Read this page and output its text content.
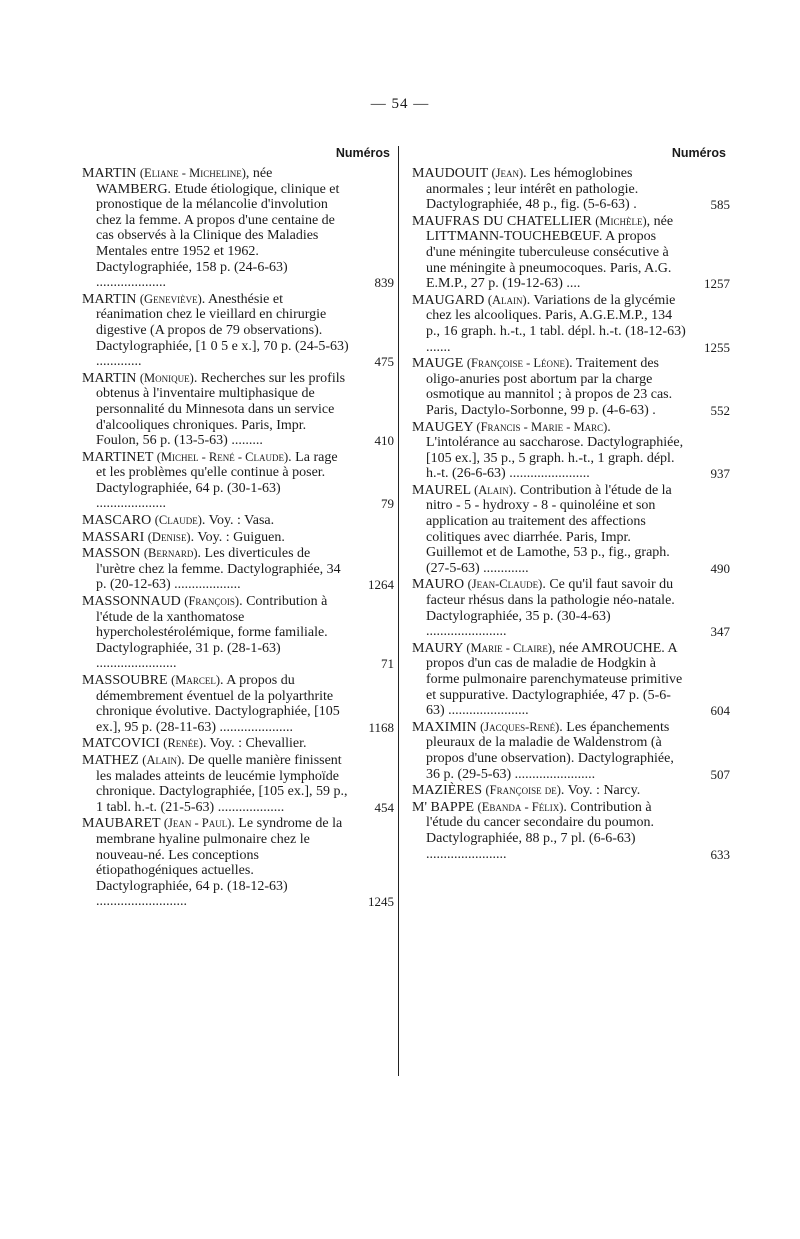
— 54 —
Numéros
MARTIN (Eliane - Micheline), née WAMBERG. Etude étiologique, clinique et pronostique de la mélancolie d'involution chez la femme. A propos d'une centaine de cas observés à la Clinique des Maladies Mentales entre 1952 et 1962. Dactylographiée, 158 p. (24-6-63) ....................	839
MARTIN (Geneviève). Anesthésie et réanimation chez le vieillard en chirurgie digestive (A propos de 79 observations). Dactylographiée, [1 0 5 e x.], 70 p. (24-5-63) .............	475
MARTIN (Monique). Recherches sur les profils obtenus à l'inventaire multiphasique de personnalité du Minnesota dans un service d'alcooliques chroniques. Paris, Impr. Foulon, 56 p. (13-5-63) .........	410
MARTINET (Michel - René - Claude). La rage et les problèmes qu'elle continue à poser. Dactylographiée, 64 p. (30-1-63) ....................	79
MASCARO (Claude). Voy. : Vasa.
MASSARI (Denise). Voy. : Guiguen.
MASSON (Bernard). Les diverticules de l'urètre chez la femme. Dactylographiée, 34 p. (20-12-63) ...................	1264
MASSONNAUD (François). Contribution à l'étude de la xanthomatose hypercholestérolémique, forme familiale. Dactylographiée, 31 p. (28-1-63) .......................	71
MASSOUBRE (Marcel). A propos du démembrement éventuel de la polyarthrite chronique évolutive. Dactylographiée, [105 ex.], 95 p. (28-11-63) .....................	1168
MATCOVICI (Renée). Voy. : Chevallier.
MATHEZ (Alain). De quelle manière finissent les malades atteints de leucémie lymphoïde chronique. Dactylographiée, [105 ex.], 59 p., 1 tabl. h.-t. (21-5-63) ...................	454
MAUBARET (Jean - Paul). Le syndrome de la membrane hyaline pulmonaire chez le nouveau-né. Les conceptions étiopathogéniques actuelles. Dactylographiée, 64 p. (18-12-63) ..........................	1245
Numéros
MAUDOUIT (Jean). Les hémoglobines anormales ; leur intérêt en pathologie. Dactylographiée, 48 p., fig. (5-6-63) .	585
MAUFRAS DU CHATELLIER (Michèle), née LITTMANN-TOUCHEBŒUF. A propos d'une méningite tuberculeuse consécutive à une méningite à pneumocoques. Paris, A.G. E.M.P., 27 p. (19-12-63) ....	1257
MAUGARD (Alain). Variations de la glycémie chez les alcooliques. Paris, A.G.E.M.P., 134 p., 16 graph. h.-t., 1 tabl. dépl. h.-t. (18-12-63) .......	1255
MAUGE (Françoise - Léone). Traitement des oligo-anuries post abortum par la charge osmotique au mannitol ; à propos de 23 cas. Paris, Dactylo-Sorbonne, 99 p. (4-6-63) .	552
MAUGEY (Francis - Marie - Marc). L'intolérance au saccharose. Dactylographiée, [105 ex.], 35 p., 5 graph. h.-t., 1 graph. dépl. h.-t. (26-6-63) .......................	937
MAUREL (Alain). Contribution à l'étude de la nitro - 5 - hydroxy - 8 - quinoléine et son application au traitement des affections colitiques avec diarrhée. Paris, Impr. Guillemot et de Lamothe, 53 p., fig., graph. (27-5-63) .............	490
MAURO (Jean-Claude). Ce qu'il faut savoir du facteur rhésus dans la pathologie néo-natale. Dactylographiée, 35 p. (30-4-63) .......................	347
MAURY (Marie - Claire), née AMROUCHE. A propos d'un cas de maladie de Hodgkin à forme pulmonaire parenchymateuse primitive et suppurative. Dactylographiée, 47 p. (5-6-63) .......................	604
MAXIMIN (Jacques-René). Les épanchements pleuraux de la maladie de Waldenstrom (à propos d'une observation). Dactylographiée, 36 p. (29-5-63) .......................	507
MAZIÈRES (Françoise de). Voy. : Narcy.
M' BAPPE (Ebanda - Félix). Contribution à l'étude du cancer secondaire du poumon. Dactylographiée, 88 p., 7 pl. (6-6-63) .......................	633
